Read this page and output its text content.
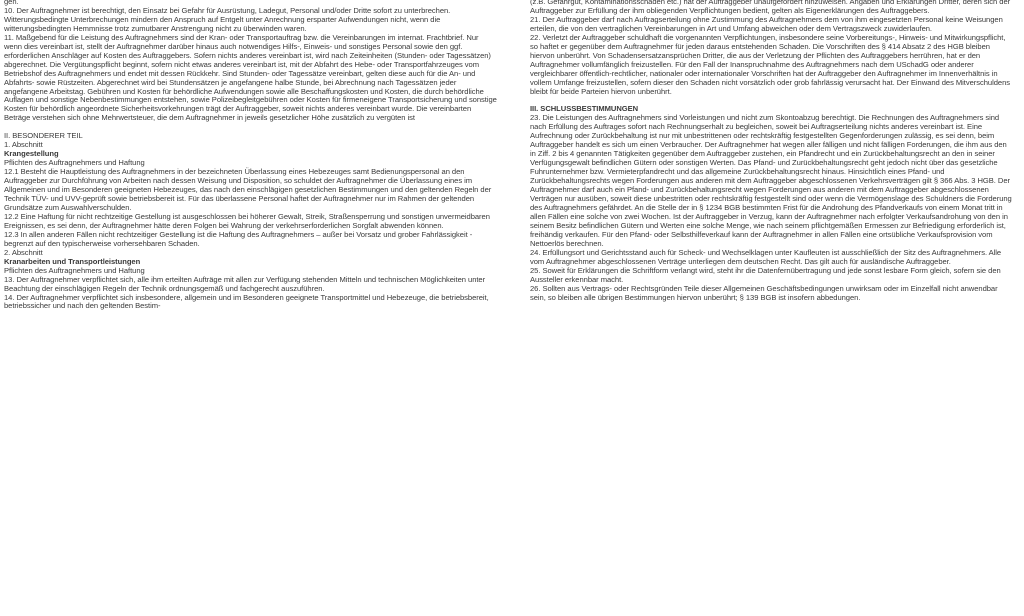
gen.

10. Der Auftragnehmer ist berechtigt, den Einsatz bei Gefahr für Ausrüstung, Ladegut, Personal und/oder Dritte sofort zu unterbrechen. Witterungsbedingte Unterbrechungen mindern den Anspruch auf Entgelt unter Anrechnung ersparter Aufwendungen nicht, wenn die witterungsbedingten Hemmnisse trotz zumutbarer Anstrengung nicht zu überwinden waren.

11. Maßgebend für die Leistung des Auftragnehmers sind der Kran- oder Transportauftrag bzw. die Vereinbarungen im internat. Frachtbrief. Nur wenn dies vereinbart ist, stellt der Auftragnehmer darüber hinaus auch notwendiges Hilfs-, Einweis- und sonstiges Personal sowie den ggf. erforderlichen Anschläger auf Kosten des Auftraggebers. Sofern nichts anderes vereinbart ist, wird nach Zeiteinheiten (Stunden- oder Tagessätzen) abgerechnet. Die Vergütungspflicht beginnt, sofern nicht etwas anderes vereinbart ist, mit der Abfahrt des Hebe- oder Transportfahrzeuges vom Betriebshof des Auftragnehmers und endet mit dessen Rückkehr. Sind Stunden- oder Tagessätze vereinbart, gelten diese auch für die An- und Abfahrts- sowie Rüstzeiten. Abgerechnet wird bei Stundensätzen je angefangene halbe Stunde, bei Abrechnung nach Tagessätzen jeder angefangene Arbeitstag. Gebühren und Kosten für behördliche Aufwendungen sowie alle Beschaffungskosten und Kosten, die durch behördliche Auflagen und sonstige Nebenbestimmungen entstehen, sowie Polizeibegleitgebühren oder Kosten für firmeneigene Transportsicherung und sonstige Kosten für behördlich angeordnete Sicherheitsvorkehrungen trägt der Auftraggeber, soweit nichts anderes vereinbart wurde. Die vereinbarten Beträge verstehen sich ohne Mehrwertsteuer, die dem Auftragnehmer in jeweils gesetzlicher Höhe zusätzlich zu vergüten ist

II. BESONDERER TEIL

1. Abschnitt

Krangestellung

Pflichten des Auftragnehmers und Haftung

12.1 Besteht die Hauptleistung des Auftragnehmers in der bezeichneten Überlassung eines Hebezeuges samt Bedienungspersonal an den Auftraggeber zur Durchführung von Arbeiten nach dessen Weisung und Disposition, so schuldet der Auftragnehmer die Überlassung eines im Allgemeinen und im Besonderen geeigneten Hebezeuges, das nach den einschlägigen gesetzlichen Bestimmungen und den geltenden Regeln der Technik TÜV- und UVV-geprüft sowie betriebsbereit ist. Für das überlassene Personal haftet der Auftragnehmer nur im Rahmen der geltenden Grundsätze zum Auswahlverschulden.

12.2 Eine Haftung für nicht rechtzeitige Gestellung ist ausgeschlossen bei höherer Gewalt, Streik, Straßensperrung und sonstigen unvermeidbaren Ereignissen, es sei denn, der Auftragnehmer hätte deren Folgen bei Wahrung der verkehrserforderlichen Sorgfalt abwenden können.

12.3 In allen anderen Fällen nicht rechtzeitiger Gestellung ist die Haftung des Auftragnehmers – außer bei Vorsatz und grober Fahrlässigkeit - begrenzt auf den typischerweise vorhersehbaren Schaden.

2. Abschnitt

Kranarbeiten und Transportleistungen

Pflichten des Auftragnehmers und Haftung

13. Der Auftragnehmer verpflichtet sich, alle ihm erteilten Aufträge mit allen zur Verfügung stehenden Mitteln und technischen Möglichkeiten unter Beachtung der einschlägigen Regeln der Technik ordnungsgemäß und fachgerecht auszuführen.

14. Der Auftragnehmer verpflichtet sich insbesondere, allgemein und im Besonderen geeignete Transportmittel und Hebezeuge, die betriebsbereit, betriebssicher und nach den geltenden Bestim-

(z.B. Gefahrgut, Kontaminationsschäden etc.) hat der Auftraggeber unaufgefordert hinzuweisen. Angaben und Erklärungen Dritter, deren sich der Auftraggeber zur Erfüllung der ihm obliegenden Verpflichtungen bedient, gelten als Eigenerklärungen des Auftraggebers.

21. Der Auftraggeber darf nach Auftragserteilung ohne Zustimmung des Auftragnehmers dem von ihm eingesetzten Personal keine Weisungen erteilen, die von den vertraglichen Vereinbarungen in Art und Umfang abweichen oder dem Vertragszweck zuwiderlaufen.

22. Verletzt der Auftraggeber schuldhaft die vorgenannten Verpflichtungen, insbesondere seine Vorbereitungs-, Hinweis- und Mitwirkungspflicht, so haftet er gegenüber dem Auftragnehmer für jeden daraus entstehenden Schaden. Die Vorschriften des § 414 Absatz 2 des HGB bleiben hiervon unberührt. Von Schadensersatzansprüchen Dritter, die aus der Verletzung der Pflichten des Auftraggebers herrühren, hat er den Auftragnehmer vollumfänglich freizustellen. Für den Fall der Inanspruchnahme des Auftragnehmers nach dem USchadG oder anderer vergleichbarer öffentlich-rechtlicher, nationaler oder internationaler Vorschriften hat der Auftraggeber den Auftragnehmer im Innenverhältnis in vollem Umfange freizustellen, sofern dieser den Schaden nicht vorsätzlich oder grob fahrlässig verursacht hat. Der Einwand des Mitverschuldens bleibt für beide Parteien hiervon unberührt.

III. SCHLUSSBESTIMMUNGEN

23. Die Leistungen des Auftragnehmers sind Vorleistungen und nicht zum Skontoabzug berechtigt. Die Rechnungen des Auftragnehmers sind nach Erfüllung des Auftrages sofort nach Rechnungserhalt zu begleichen, soweit bei Auftragserteilung nichts anderes vereinbart ist. Eine Aufrechnung oder Zurückbehaltung ist nur mit unbestrittenen oder rechtskräftig festgestellten Gegenforderungen zulässig, es sei denn, beim Auftraggeber handelt es sich um einen Verbraucher. Der Auftragnehmer hat wegen aller fälligen und nicht fälligen Forderungen, die ihm aus den in Ziff. 2 bis 4 genannten Tätigkeiten gegenüber dem Auftraggeber zustehen, ein Pfandrecht und ein Zurückbehaltungsrecht an den in seiner Verfügungsgewalt befindlichen Gütern oder sonstigen Werten. Das Pfand- und Zurückbehaltungsrecht geht jedoch nicht über das gesetzliche Fuhrunternehmer bzw. Vermieterpfandrecht und das allgemeine Zurückbehaltungsrecht hinaus. Hinsichtlich eines Pfand- und Zurückbehaltungsrechts wegen Forderungen aus anderen mit dem Auftraggeber abgeschlossenen Verkehrsverträgen gilt § 366 Abs. 3 HGB. Der Auftragnehmer darf auch ein Pfand- und Zurückbehaltungsrecht wegen Forderungen aus anderen mit dem Auftraggeber abgeschlossenen Verträgen nur ausüben, soweit diese unbestritten oder rechtskräftig festgestellt sind oder wenn die Vermögenslage des Schuldners die Forderung des Auftragnehmers gefährdet. An die Stelle der in § 1234 BGB bestimmten Frist für die Androhung des Pfandverkaufs von einem Monat tritt in allen Fällen eine solche von zwei Wochen. Ist der Auftraggeber in Verzug, kann der Auftragnehmer nach erfolgter Verkaufsandrohung von den in seinem Besitz befindlichen Gütern und Werten eine solche Menge, wie nach seinem pflichtgemäßen Ermessen zur Befriedigung erforderlich ist, freihändig verkaufen. Für den Pfand- oder Selbsthilfeverkauf kann der Auftragnehmer in allen Fällen eine ortsübliche Verkaufsprovision vom Nettoerlös berechnen.

24. Erfüllungsort und Gerichtsstand auch für Scheck- und Wechselklagen unter Kaufleuten ist ausschließlich der Sitz des Auftragnehmers. Alle vom Auftragnehmer abgeschlossenen Verträge unterliegen dem deutschen Recht. Das gilt auch für ausländische Auftraggeber.

25. Soweit für Erklärungen die Schriftform verlangt wird, steht ihr die Datenfernübertragung und jede sonst lesbare Form gleich, sofern sie den Aussteller erkennbar macht.

26. Sollten aus Vertrags- oder Rechtsgründen Teile dieser Allgemeinen Geschäftsbedingungen unwirksam oder im Einzelfall nicht anwendbar sein, so bleiben alle übrigen Bestimmungen hiervon unberührt; § 139 BGB ist insofern abbedungen.
